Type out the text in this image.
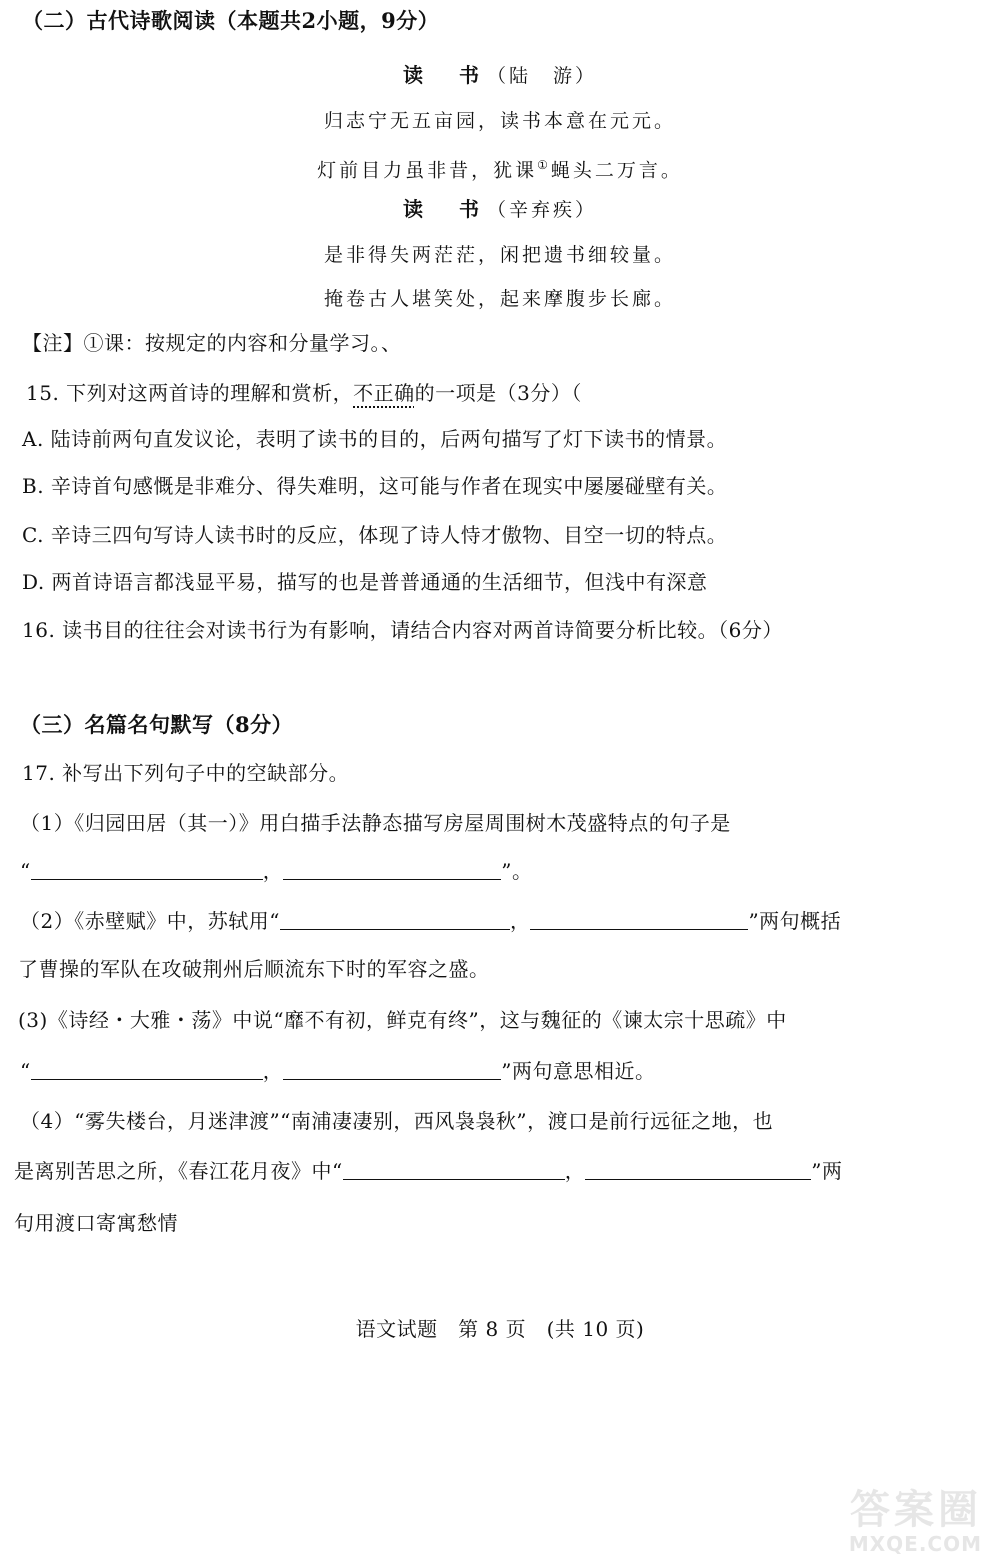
（二）古代诗歌阅读（本题共2小题，9分）
读　书（陆　游）
归志宁无五亩园，读书本意在元元。
灯前目力虽非昔，犹课①蝇头二万言。
读　书（辛弃疾）
是非得失两茫茫，闲把遗书细较量。
掩卷古人堪笑处，起来摩腹步长廊。
【注】①课：按规定的内容和分量学习。、
15. 下列对这两首诗的理解和赏析，不正确的一项是（3分）（
A. 陆诗前两句直发议论，表明了读书的目的，后两句描写了灯下读书的情景。
B. 辛诗首句感慨是非难分、得失难明，这可能与作者在现实中屡屡碰壁有关。
C. 辛诗三四句写诗人读书时的反应，体现了诗人恃才傲物、目空一切的特点。
D. 两首诗语言都浅显平易，描写的也是普普通通的生活细节，但浅中有深意
16. 读书目的往往会对读书行为有影响，请结合内容对两首诗简要分析比较。（6分）
（三）名篇名句默写（8分）
17. 补写出下列句子中的空缺部分。
（1）《归园田居（其一）》用白描手法静态描写房屋周围树木茂盛特点的句子是
“	，	”。
（2）《赤壁赋》中，苏轼用“	，	”两句概括
了曹操的军队在攻破荆州后顺流东下时的军容之盛。
(3)《诗经・大雅・荡》中说“靡不有初，鲜克有终”，这与魏征的《谏太宗十思疏》中
“	，	”两句意思相近。
（4）“雾失楼台，月迷津渡”“南浦凄凄别，西风袅袅秋”，渡口是前行远征之地，也
是离别苦思之所，《春江花月夜》中“	，	”两
句用渡口寄寓愁情
语文试题　第 8 页　(共 10 页)
答案圈
MXQE.COM
